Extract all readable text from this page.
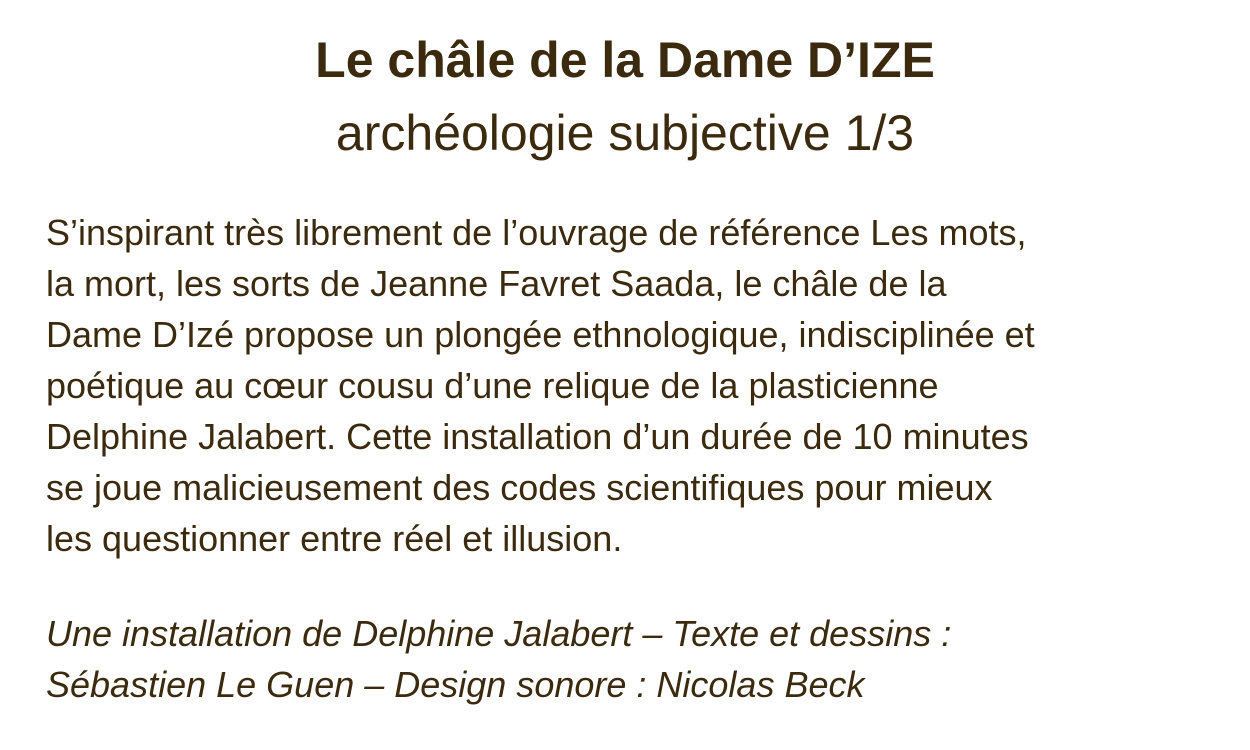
Le châle de la Dame D’IZE
archéologie subjective 1/3
S’inspirant très librement de l’ouvrage de référence Les mots,
la mort, les sorts de Jeanne Favret Saada, le châle de la
Dame D’Izé propose un plongée ethnologique, indisciplinée et
poétique au cœur cousu d’une relique de la plasticienne
Delphine Jalabert. Cette installation d’un durée de 10 minutes
se joue malicieusement des codes scientifiques pour mieux
les questionner entre réel et illusion.
Une installation de Delphine Jalabert – Texte et dessins :
Sébastien Le Guen – Design sonore : Nicolas Beck
